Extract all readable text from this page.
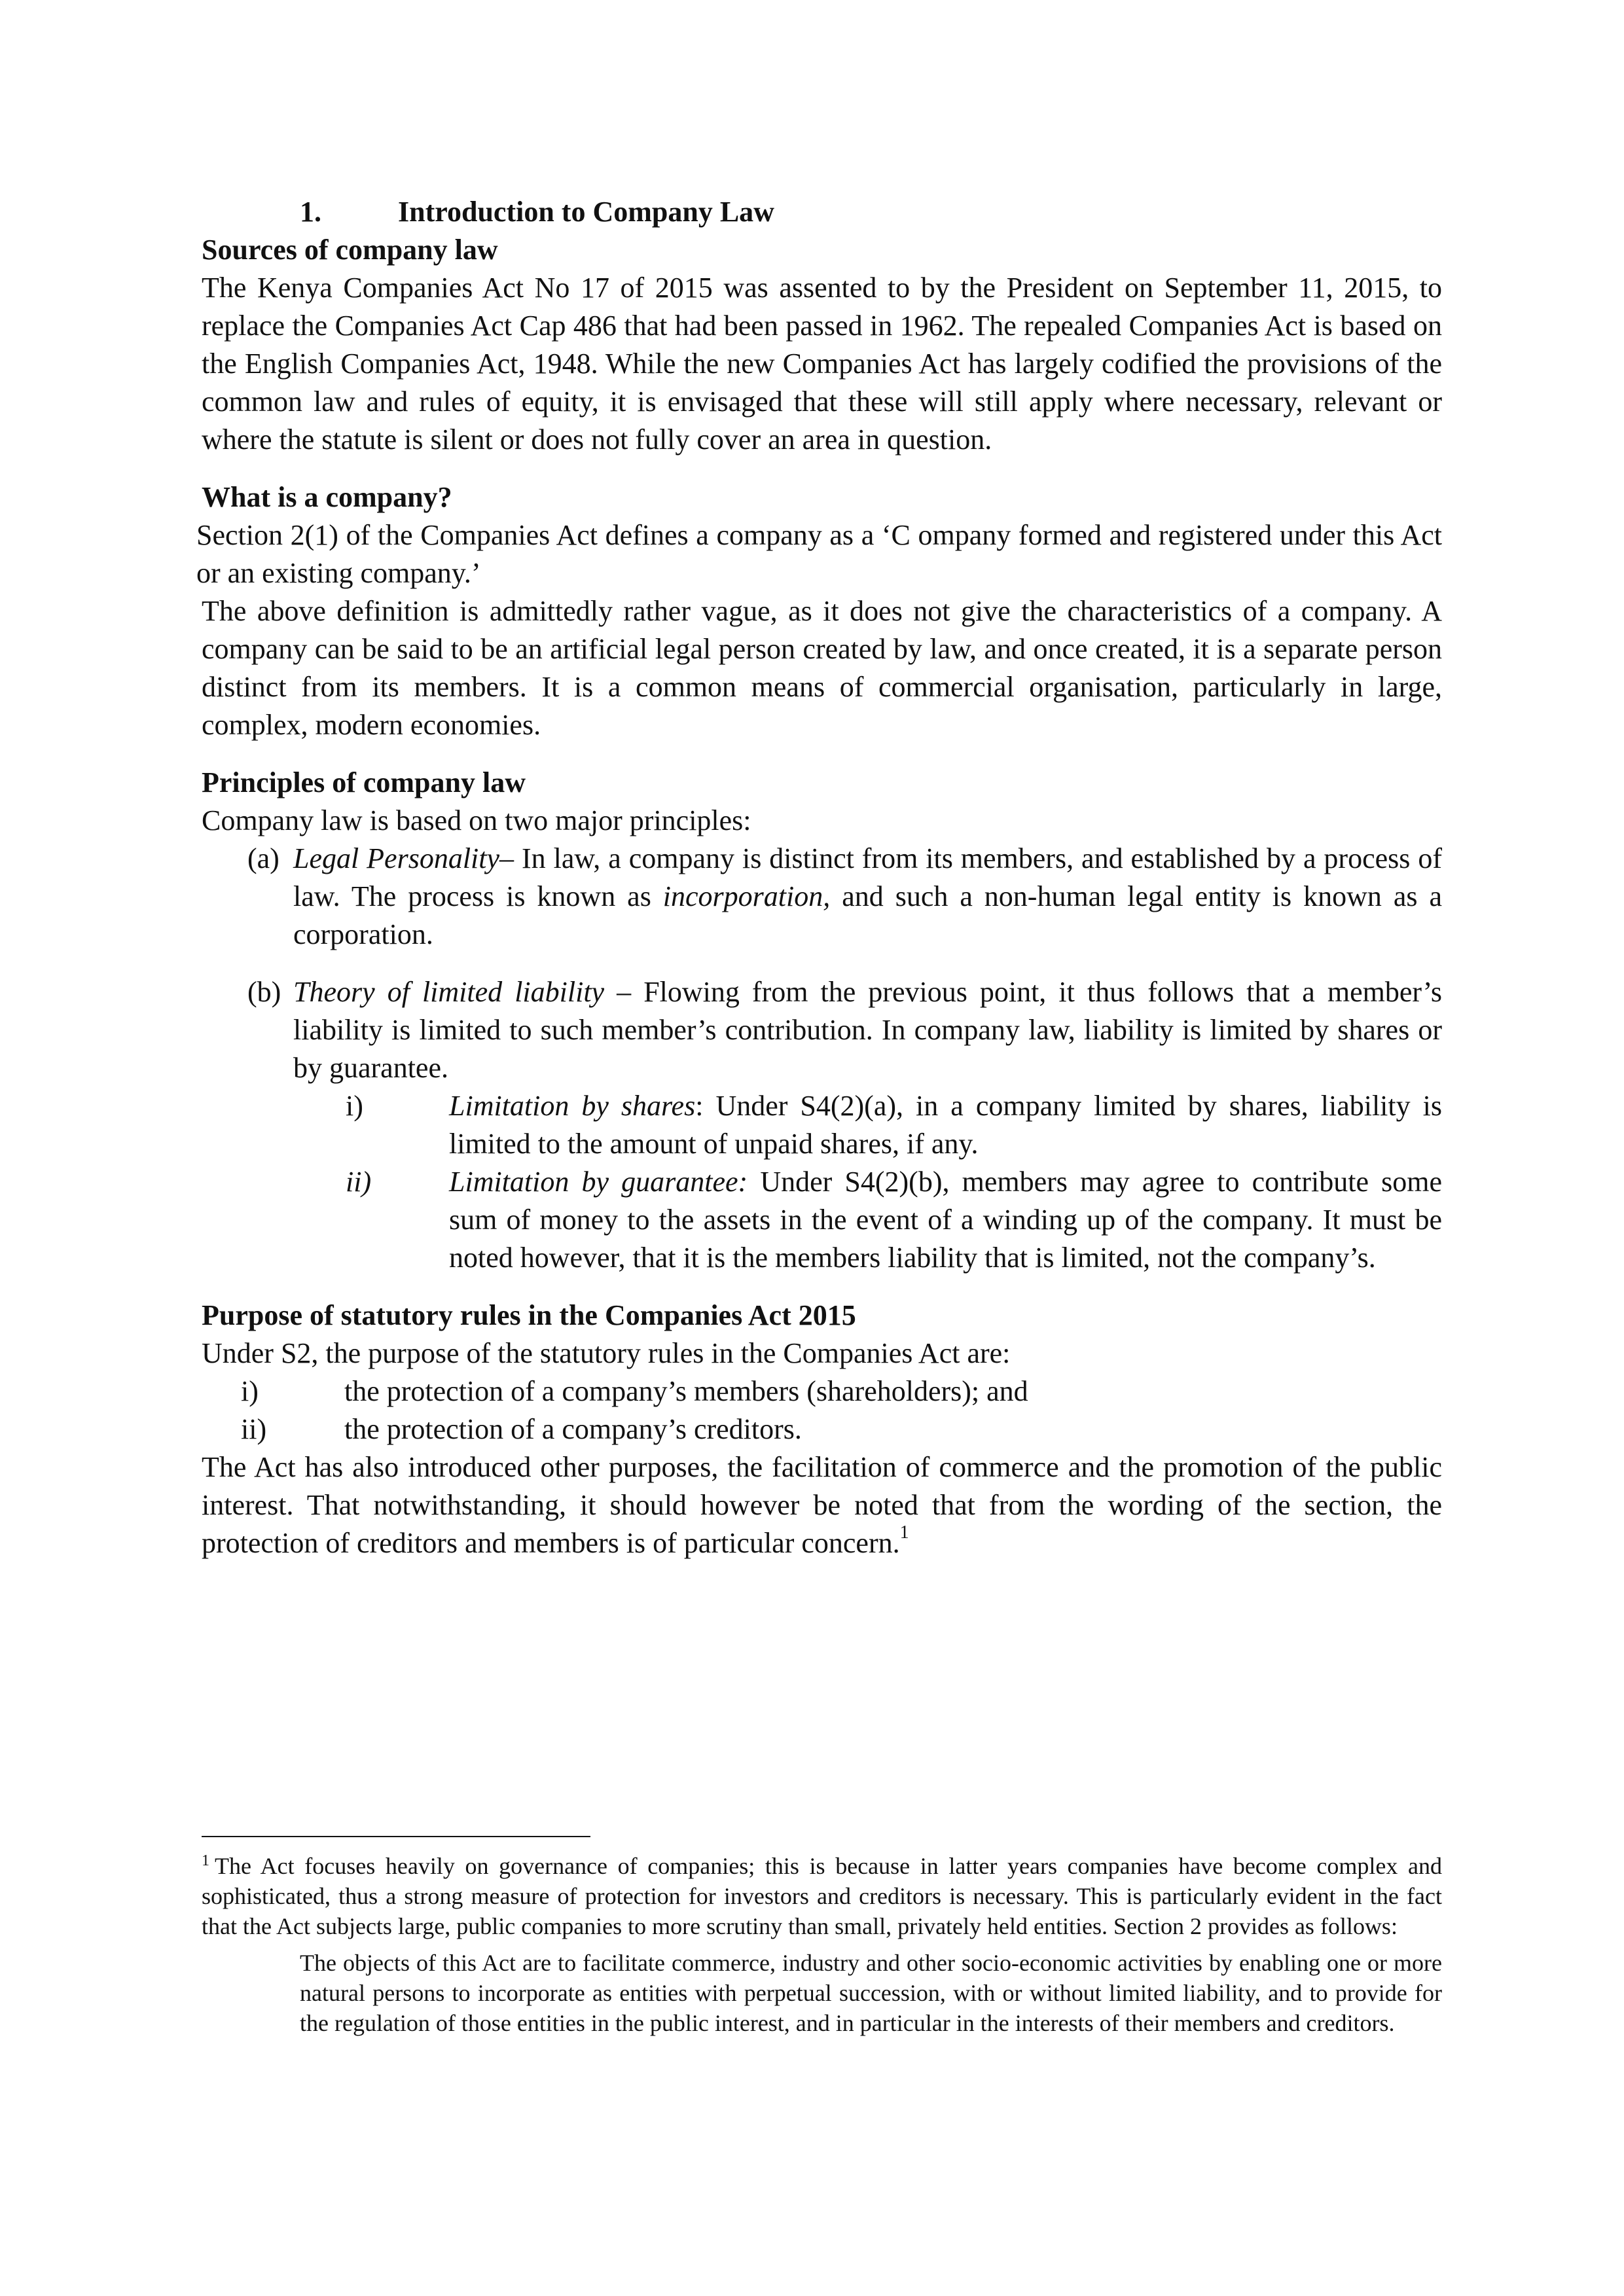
1.	Introduction to Company Law

Sources of company law

The Kenya Companies Act No 17 of 2015 was assented to by the President on September 11, 2015, to replace the Companies Act Cap 486 that had been passed in 1962. The repealed Companies Act is based on the English Companies Act, 1948. While the new Companies Act has largely codified the provisions of the common law and rules of equity, it is envisaged that these will still apply where necessary, relevant or where the statute is silent or does not fully cover an area in question.

What is a company?

Section 2(1) of the Companies Act defines a company as a ‘C ompany formed and registered under this Act or an existing company.’

The above definition is admittedly rather vague, as it does not give the characteristics of a company. A company can be said to be an artificial legal person created by law, and once created, it is a separate person distinct from its members. It is a common means of commercial organisation, particularly in large, complex, modern economies.

Principles of company law

Company law is based on two major principles:

(a) Legal Personality– In law, a company is distinct from its members, and established by a process of law. The process is known as incorporation, and such a non-human legal entity is known as a corporation.

(b) Theory of limited liability – Flowing from the previous point, it thus follows that a member’s liability is limited to such member’s contribution. In company law, liability is limited by shares or by guarantee.

i)	Limitation by shares: Under S4(2)(a), in a company limited by shares, liability is limited to the amount of unpaid shares, if any.

ii)	Limitation by guarantee: Under S4(2)(b), members may agree to contribute some sum of money to the assets in the event of a winding up of the company. It must be noted however, that it is the members liability that is limited, not the company’s.

Purpose of statutory rules in the Companies Act 2015

Under S2, the purpose of the statutory rules in the Companies Act are:

i)	the protection of a company’s members (shareholders); and

ii)	the protection of a company’s creditors.

The Act has also introduced other purposes, the facilitation of commerce and the promotion of the public interest. That notwithstanding, it should however be noted that from the wording of the section, the protection of creditors and members is of particular concern.$^1$

$^1$ The Act focuses heavily on governance of companies; this is because in latter years companies have become complex and sophisticated, thus a strong measure of protection for investors and creditors is necessary. This is particularly evident in the fact that the Act subjects large, public companies to more scrutiny than small, privately held entities. Section 2 provides as follows:

The objects of this Act are to facilitate commerce, industry and other socio-economic activities by enabling one or more natural persons to incorporate as entities with perpetual succession, with or without limited liability, and to provide for the regulation of those entities in the public interest, and in particular in the interests of their members and creditors.
